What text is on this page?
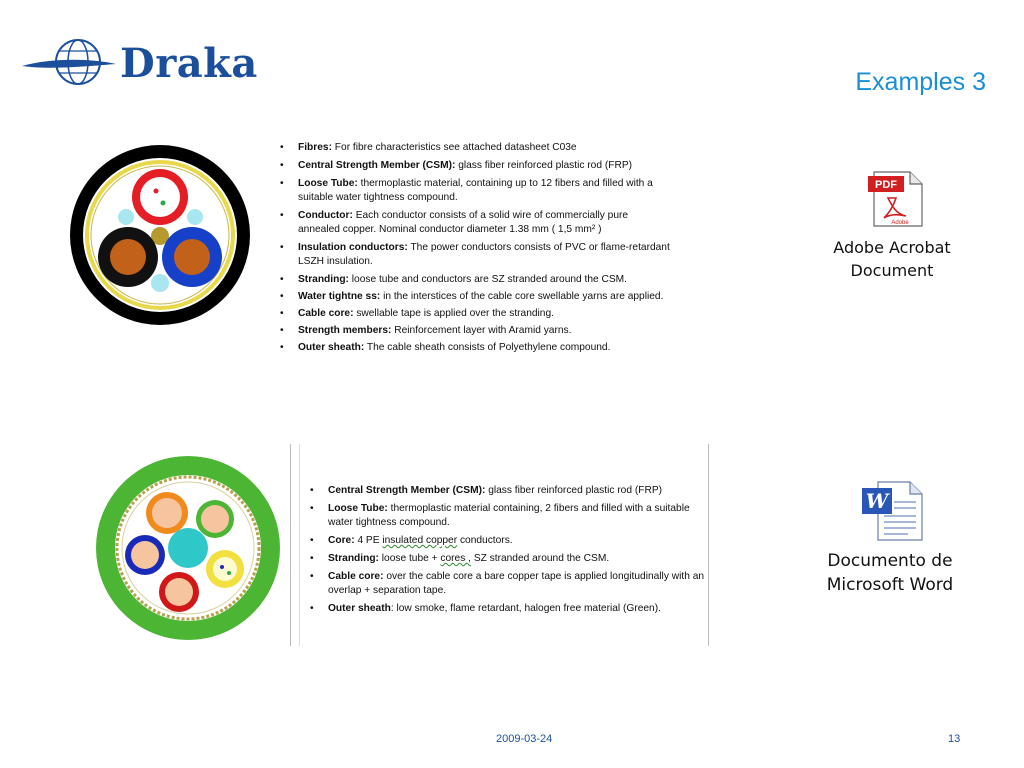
Draka	Examples 3
• Fibres: For fibre characteristics see attached datasheet C03e
• Central Strength Member (CSM): glass fiber reinforced plastic rod (FRP)
• Loose Tube: thermoplastic material, containing up to 12 fibers and filled with a suitable water tightness compound.
• Conductor: Each conductor consists of a solid wire of commercially pure annealed copper. Nominal conductor diameter 1.38 mm ( 1,5 mm² )
• Insulation conductors: The power conductors consists of PVC or flame-retardant LSZH insulation.
• Stranding: loose tube and conductors are SZ stranded around the CSM.
• Water tightne ss: in the interstices of the cable core swellable yarns are applied.
• Cable core: swellable tape is applied over the stranding.
• Strength members: Reinforcement layer with Aramid yarns.
• Outer sheath: The cable sheath consists of Polyethylene compound.
• Central Strength Member (CSM): glass fiber reinforced plastic rod (FRP)
• Loose Tube: thermoplastic material containing, 2 fibers and filled with a suitable water tightness compound.
• Core: 4 PE insulated copper conductors.
• Stranding: loose tube + cores , SZ stranded around the CSM.
• Cable core: over the cable core a bare copper tape is applied longitudinally with an overlap + separation tape.
• Outer sheath: low smoke, flame retardant, halogen free material (Green).
PDF
Adobe
Adobe Acrobat
Document
W
Documento de
Microsoft Word
2009-03-24	13
